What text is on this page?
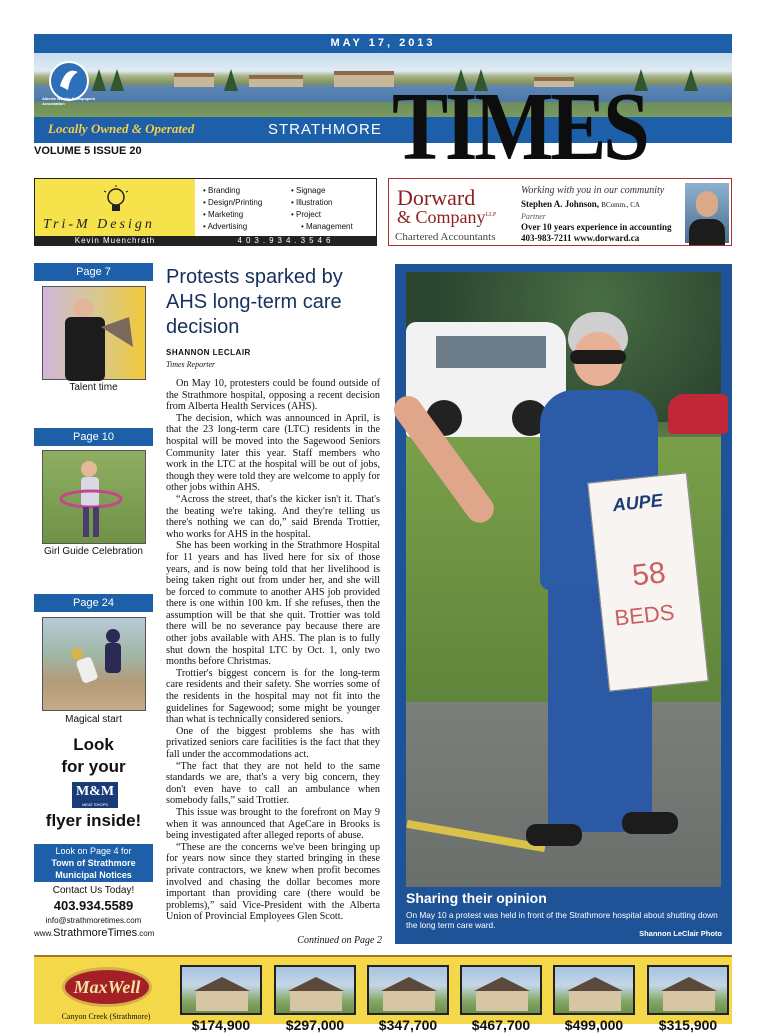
MAY 17, 2013
Alberta Weekly Newspapers Association
Locally Owned & Operated	STRATHMORE TIMES
VOLUME 5 ISSUE 20
Tri-M Design
Kevin Muenchrath
• Branding
• Design/Printing
• Marketing
• Advertising
• Signage
• Illustration
• Project
• Management
403.934.3546
Dorward
& Company$^{LLP}$
Chartered Accountants
Working with you in our community
Stephen A. Johnson, BComm., CA
Partner
Over 10 years experience in accounting
403-983-7211 www.dorward.ca
Page 7
Talent time
Page 10
Girl Guide Celebration
Page 24
Magical start
Look
for your
M&M
MEAT SHOPS
flyer inside!
Look on Page 4 for
Town of Strathmore
Municipal Notices
Contact Us Today!
403.934.5589
info@strathmoretimes.com
www.StrathmoreTimes.com
Protests sparked by AHS long-term care decision
SHANNON LECLAIR
Times Reporter

On May 10, protesters could be found outside of the Strathmore hospital, opposing a recent decision from Alberta Health Services (AHS).

The decision, which was announced in April, is that the 23 long-term care (LTC) residents in the hospital will be moved into the Sagewood Seniors Community later this year. Staff members who work in the LTC at the hospital will be out of jobs, though they were told they are welcome to apply for other jobs within AHS.

“Across the street, that's the kicker isn't it. That's the beating we're taking. And they're telling us there's nothing we can do,” said Brenda Trottier, who works for AHS in the hospital.

She has been working in the Strathmore Hospital for 11 years and has lived here for six of those years, and is now being told that her livelihood is being taken right out from under her, and she will be forced to commute to another AHS job provided there is one within 100 km. If she refuses, then the assumption will be that she quit. Trottier was told there will be no severance pay because there are other jobs available with AHS. The plan is to fully shut down the hospital LTC by Oct. 1, only two months before Christmas.

Trottier's biggest concern is for the long-term care residents and their safety. She worries some of the residents in the hospital may not fit into the guidelines for Sagewood; some might be younger than what is technically considered seniors.

One of the biggest problems she has with privatized seniors care facilities is the fact that they fall under the accommodations act.

“The fact that they are not held to the same standards we are, that's a very big concern, they don't even have to call an ambulance when somebody falls,” said Trottier.

This issue was brought to the forefront on May 9 when it was announced that AgeCare in Brooks is being investigated after alleged reports of abuse.

“These are the concerns we've been bringing up for years now since they started bringing in these private contractors, we knew when profit becomes involved and chasing the dollar becomes more important than providing care (there would be problems),” said Vice-President with the Alberta Union of Provincial Employees Glen Scott.

Continued on Page 2
AUPE
58
BEDS
Sharing their opinion
On May 10 a protest was held in front of the Strathmore hospital about shutting down the long term care ward.
Shannon LeClair Photo
MaxWell
Canyon Creek (Strathmore)
$174,900	$297,000	$347,700	$467,700	$499,000	$315,900
